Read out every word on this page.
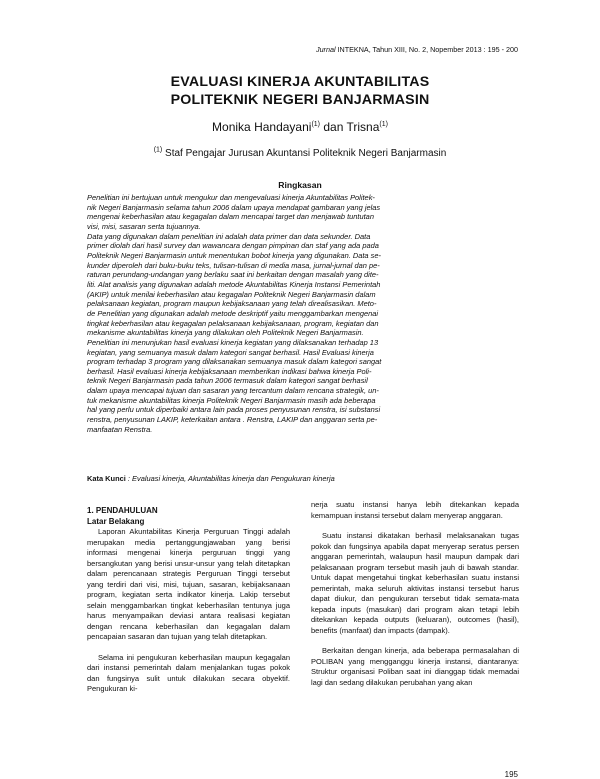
Jurnal INTEKNA, Tahun XIII, No. 2, Nopember 2013 : 195 - 200
EVALUASI KINERJA AKUNTABILITAS
POLITEKNIK NEGERI BANJARMASIN
Monika Handayani$^{(1)}$ dan Trisna$^{(1)}$
$^{(1)}$ Staf Pengajar Jurusan Akuntansi Politeknik Negeri Banjarmasin
Ringkasan

Penelitian ini bertujuan untuk mengukur dan mengevaluasi kinerja Akuntabilitas Politek-

nik Negeri Banjarmasin selama tahun 2006 dalam upaya mendapat gambaran yang jelas

mengenai keberhasilan atau kegagalan dalam mencapai target dan menjawab tuntutan

visi, misi, sasaran serta tujuannya.

Data yang digunakan dalam penelitian ini adalah data primer dan data sekunder. Data

primer diolah dari hasil survey dan wawancara dengan pimpinan dan staf yang ada pada

Politeknik Negeri Banjarmasin untuk menentukan bobot kinerja yang digunakan. Data se-

kunder diperoleh dari buku-buku teks, tulisan-tulisan di media masa, jurnal-jurnal dan pe-

raturan perundang-undangan yang berlaku saat ini berkaitan dengan masalah yang dite-

liti. Alat analisis yang digunakan adalah metode Akuntabilitas Kinerja Instansi Pemerintah

(AKIP) untuk menilai keberhasilan atau kegagalan Politeknik Negeri Banjarmasin dalam

pelaksanaan kegiatan, program maupun kebijaksanaan yang telah direalisasikan. Meto-

de Penelitian yang digunakan adalah metode deskriptif yaitu menggambarkan mengenai

tingkat keberhasilan atau kegagalan pelaksanaan kebijaksanaan, program, kegiatan dan

mekanisme akuntabilitas kinerja yang dilakukan oleh Politeknik Negeri Banjarmasin.

Penelitian ini menunjukan hasil evaluasi kinerja kegiatan yang dilaksanakan terhadap 13

kegiatan, yang semuanya masuk dalam kategori sangat berhasil. Hasil Evaluasi kinerja

program terhadap 3 program yang dilaksanakan semuanya masuk dalam kategori sangat

berhasil. Hasil evaluasi kinerja kebijaksanaan memberikan indikasi bahwa kinerja Poli-

teknik Negeri Banjarmasin pada tahun 2006 termasuk dalam kategori sangat berhasil

dalam upaya mencapai tujuan dan sasaran yang tercantum dalam rencana strategik, un-

tuk mekanisme akuntabilitas kinerja Politeknik Negeri Banjarmasin masih ada beberapa

hal yang perlu untuk diperbaiki antara lain pada proses penyusunan renstra, isi substansi

renstra, penyusunan LAKIP, keterkaitan antara . Renstra, LAKIP dan anggaran serta pe-

manfaatan Renstra.

Kata Kunci : Evaluasi kinerja, Akuntabilitas kinerja dan Pengukuran kinerja

1. PENDAHULUAN

Latar Belakang

Laporan Akuntabilitas Kinerja Perguruan Tinggi adalah merupakan media pertanggungjawaban yang berisi informasi mengenai kinerja perguruan tinggi yang bersangkutan yang berisi unsur-unsur yang telah ditetapkan dalam perencanaan strategis Perguruan Tinggi tersebut yang terdiri dari visi, misi, tujuan, sasaran, kebijaksanaan program, kegiatan serta indikator kinerja. Lakip tersebut selain menggambarkan tingkat keberhasilan tentunya juga harus menyampaikan deviasi antara realisasi kegiatan dengan rencana keberhasilan dan kegagalan dalam pencapaian sasaran dan tujuan yang telah ditetapkan.

Selama ini pengukuran keberhasilan maupun kegagalan dari instansi pemerintah dalam menjalankan tugas pokok dan fungsinya sulit untuk dilakukan secara obyektif. Pengukuran ki-

nerja suatu instansi hanya lebih ditekankan kepada kemampuan instansi tersebut dalam menyerap anggaran.

Suatu instansi dikatakan berhasil melaksanakan tugas pokok dan fungsinya apabila dapat menyerap seratus persen anggaran pemerintah, walaupun hasil maupun dampak dari pelaksanaan program tersebut masih jauh di bawah standar. Untuk dapat mengetahui tingkat keberhasilan suatu instansi pemerintah, maka seluruh aktivitas instansi tersebut harus dapat diukur, dan pengukuran tersebut tidak semata-mata kepada inputs (masukan) dari program akan tetapi lebih ditekankan kepada outputs (keluaran), outcomes (hasil), benefits (manfaat) dan impacts (dampak).

Berkaitan dengan kinerja, ada beberapa permasalahan di POLIBAN yang mengganggu kinerja instansi, diantaranya: Struktur organisasi Poliban saat ini dianggap tidak memadai lagi dan sedang dilakukan perubahan yang akan

195
